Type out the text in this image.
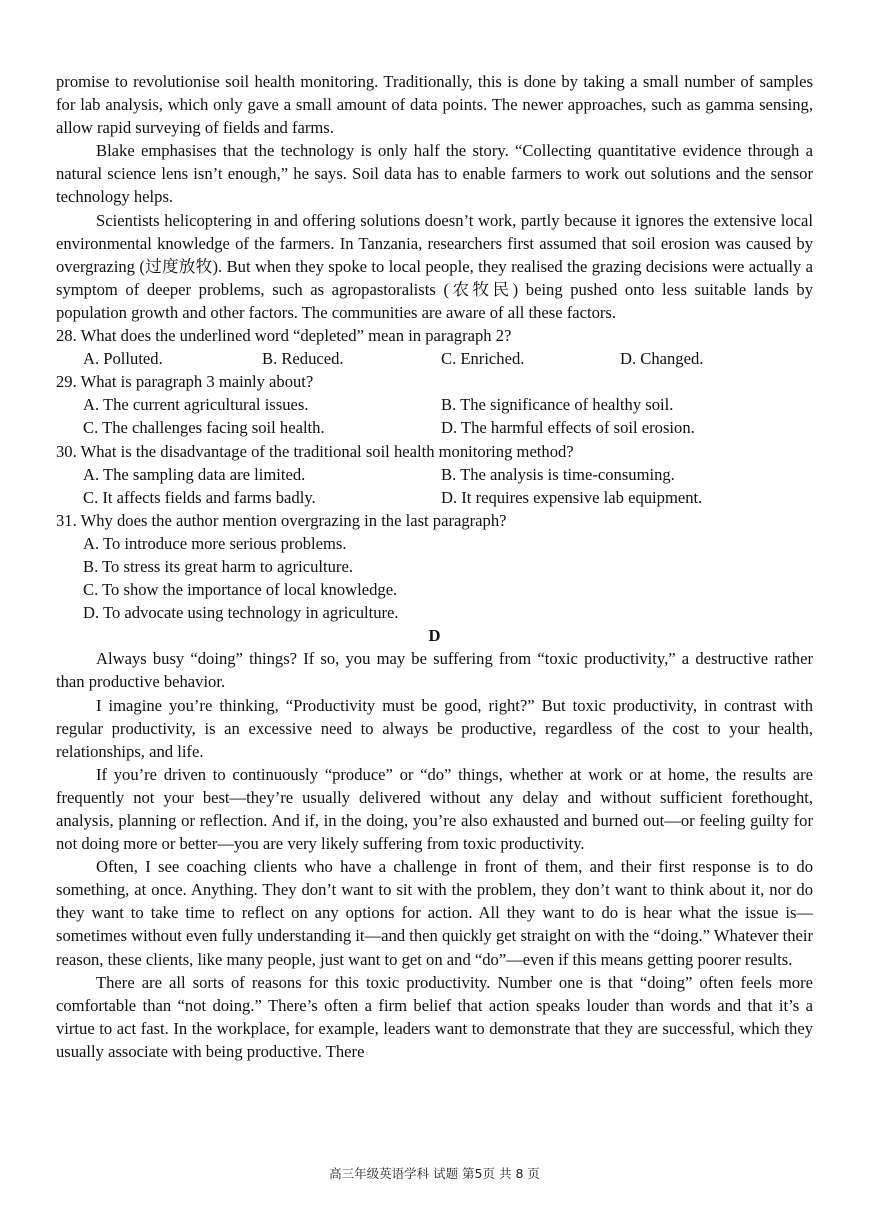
promise to revolutionise soil health monitoring. Traditionally, this is done by taking a small number of samples for lab analysis, which only gave a small amount of data points. The newer approaches, such as gamma sensing, allow rapid surveying of fields and farms.

Blake emphasises that the technology is only half the story. “Collecting quantitative evidence through a natural science lens isn’t enough,” he says. Soil data has to enable farmers to work out solutions and the sensor technology helps.

Scientists helicoptering in and offering solutions doesn’t work, partly because it ignores the extensive local environmental knowledge of the farmers. In Tanzania, researchers first assumed that soil erosion was caused by overgrazing (过度放牧). But when they spoke to local people, they realised the grazing decisions were actually a symptom of deeper problems, such as agropastoralists (农牧民) being pushed onto less suitable lands by population growth and other factors. The communities are aware of all these factors.

28. What does the underlined word “depleted” mean in paragraph 2?

A. Polluted.	B. Reduced.	C. Enriched.	D. Changed.

29. What is paragraph 3 mainly about?

A. The current agricultural issues.	B. The significance of healthy soil.
C. The challenges facing soil health.	D. The harmful effects of soil erosion.

30. What is the disadvantage of the traditional soil health monitoring method?

A. The sampling data are limited.	B. The analysis is time-consuming.
C. It affects fields and farms badly.	D. It requires expensive lab equipment.

31. Why does the author mention overgrazing in the last paragraph?

A. To introduce more serious problems.

B. To stress its great harm to agriculture.

C. To show the importance of local knowledge.

D. To advocate using technology in agriculture.

D

Always busy “doing” things? If so, you may be suffering from “toxic productivity,” a destructive rather than productive behavior.

I imagine you’re thinking, “Productivity must be good, right?” But toxic productivity, in contrast with regular productivity, is an excessive need to always be productive, regardless of the cost to your health, relationships, and life.

If you’re driven to continuously “produce” or “do” things, whether at work or at home, the results are frequently not your best—they’re usually delivered without any delay and without sufficient forethought, analysis, planning or reflection. And if, in the doing, you’re also exhausted and burned out—or feeling guilty for not doing more or better—you are very likely suffering from toxic productivity.

Often, I see coaching clients who have a challenge in front of them, and their first response is to do something, at once. Anything. They don’t want to sit with the problem, they don’t want to think about it, nor do they want to take time to reflect on any options for action. All they want to do is hear what the issue is—sometimes without even fully understanding it—and then quickly get straight on with the “doing.” Whatever their reason, these clients, like many people, just want to get on and “do”—even if this means getting poorer results.

There are all sorts of reasons for this toxic productivity. Number one is that “doing” often feels more comfortable than “not doing.” There’s often a firm belief that action speaks louder than words and that it’s a virtue to act fast. In the workplace, for example, leaders want to demonstrate that they are successful, which they usually associate with being productive. There

高三年级英语学科 试题 第5页 共 8 页
